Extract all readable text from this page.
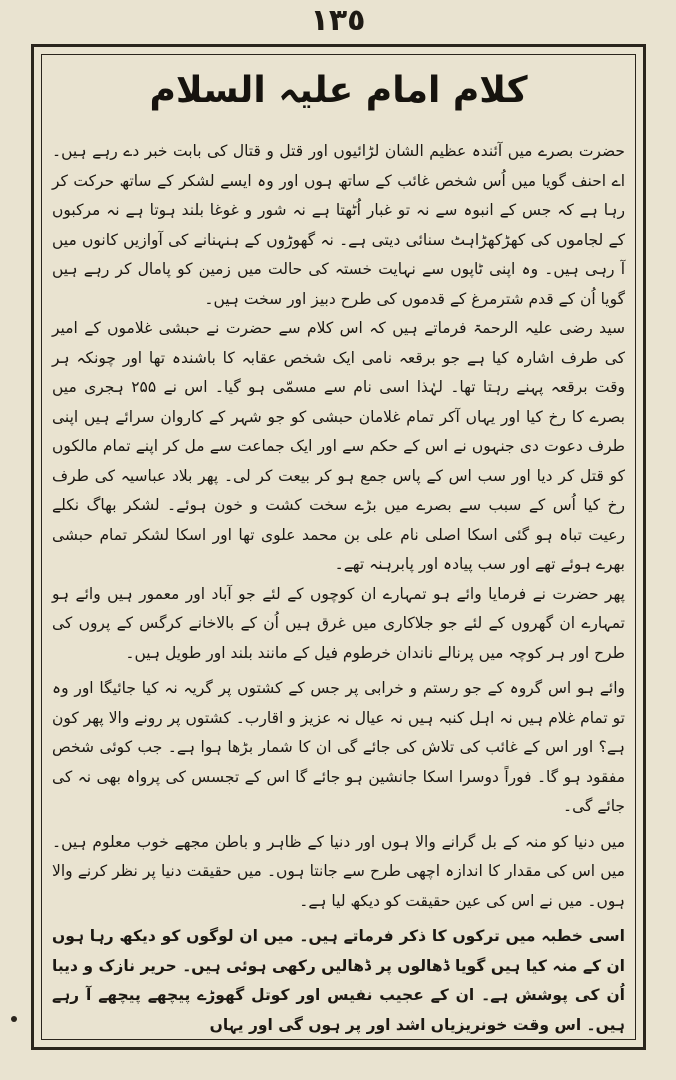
١٣٥
کلام امام علیہ السلام

حضرت بصرے میں آئندہ عظیم الشان لڑائیوں اور قتل و قتال کی بابت خبر دے رہے ہیں۔ اے احنف گویا میں اُس شخص غائب کے ساتھ ہوں اور وہ ایسے لشکر کے ساتھ حرکت کر رہا ہے کہ جس کے انبوہ سے نہ تو غبار اُٹھتا ہے نہ شور و غوغا بلند ہوتا ہے نہ مرکبوں کے لجاموں کی کھڑکھڑاہٹ سنائی دیتی ہے۔ نہ گھوڑوں کے ہنہنانے کی آوازیں کانوں میں آ رہی ہیں۔ وہ اپنی ٹاپوں سے نہایت خستہ کی حالت میں زمین کو پامال کر رہے ہیں گویا اُن کے قدم شترمرغ کے قدموں کی طرح دبیز اور سخت ہیں۔

سید رضی علیہ الرحمۃ فرماتے ہیں کہ اس کلام سے حضرت نے حبشی غلاموں کے امیر کی طرف اشارہ کیا ہے جو برقعہ نامی ایک شخص عقابہ کا باشندہ تھا اور چونکہ ہر وقت برقعہ پہنے رہتا تھا۔ لہٰذا اسی نام سے مسمّی ہو گیا۔ اس نے ۲۵۵ ہجری میں بصرے کا رخ کیا اور یہاں آکر تمام غلامان حبشی کو جو شہر کے کاروان سرائے ہیں اپنی طرف دعوت دی جنہوں نے اس کے حکم سے اور ایک جماعت سے مل کر اپنے تمام مالکوں کو قتل کر دیا اور سب اس کے پاس جمع ہو کر بیعت کر لی۔ پھر بلاد عباسیہ کی طرف رخ کیا اُس کے سبب سے بصرے میں بڑے سخت کشت و خون ہوئے۔ لشکر بھاگ نکلے رعیت تباہ ہو گئی اسکا اصلی نام علی بن محمد علوی تھا اور اسکا لشکر تمام حبشی بھرے ہوئے تھے اور سب پیادہ اور پابرہنہ تھے۔

پھر حضرت نے فرمایا وائے ہو تمہارے ان کوچوں کے لئے جو آباد اور معمور ہیں وائے ہو تمہارے ان گھروں کے لئے جو جلاکاری میں غرق ہیں اُن کے بالاخانے کرگس کے پروں کی طرح اور ہر کوچہ میں پرنالے ناندان خرطوم فیل کے مانند بلند اور طویل ہیں۔

وائے ہو اس گروہ کے جو رستم و خرابی پر جس کے کشتوں پر گریہ نہ کیا جائیگا اور وہ تو تمام غلام ہیں نہ اہل کنبہ ہیں نہ عیال نہ عزیز و اقارب۔ کشتوں پر رونے والا پھر کون ہے؟ اور اس کے غائب کی تلاش کی جائے گی ان کا شمار بڑھا ہوا ہے۔ جب کوئی شخص مفقود ہو گا۔ فوراً دوسرا اسکا جانشین ہو جائے گا اس کے تجسس کی پرواہ بھی نہ کی جائے گی۔

میں دنیا کو منہ کے بل گرانے والا ہوں اور دنیا کے ظاہر و باطن مجھے خوب معلوم ہیں۔ میں اس کی مقدار کا اندازہ اچھی طرح سے جانتا ہوں۔ میں حقیقت دنیا پر نظر کرنے والا ہوں۔ میں نے اس کی عین حقیقت کو دیکھ لیا ہے۔

اسی خطبہ میں ترکوں کا ذکر فرماتے ہیں۔ میں ان لوگوں کو دیکھ رہا ہوں ان کے منہ کیا ہیں گویا ڈھالوں پر ڈھالیں رکھی ہوئی ہیں۔ حریر نازک و دیبا اُن کی پوشش ہے۔ ان کے عجیب نفیس اور کوتل گھوڑے پیچھے پیچھے آ رہے ہیں۔ اس وقت خونریزیاں اشد اور پر ہوں گی اور یہاں
